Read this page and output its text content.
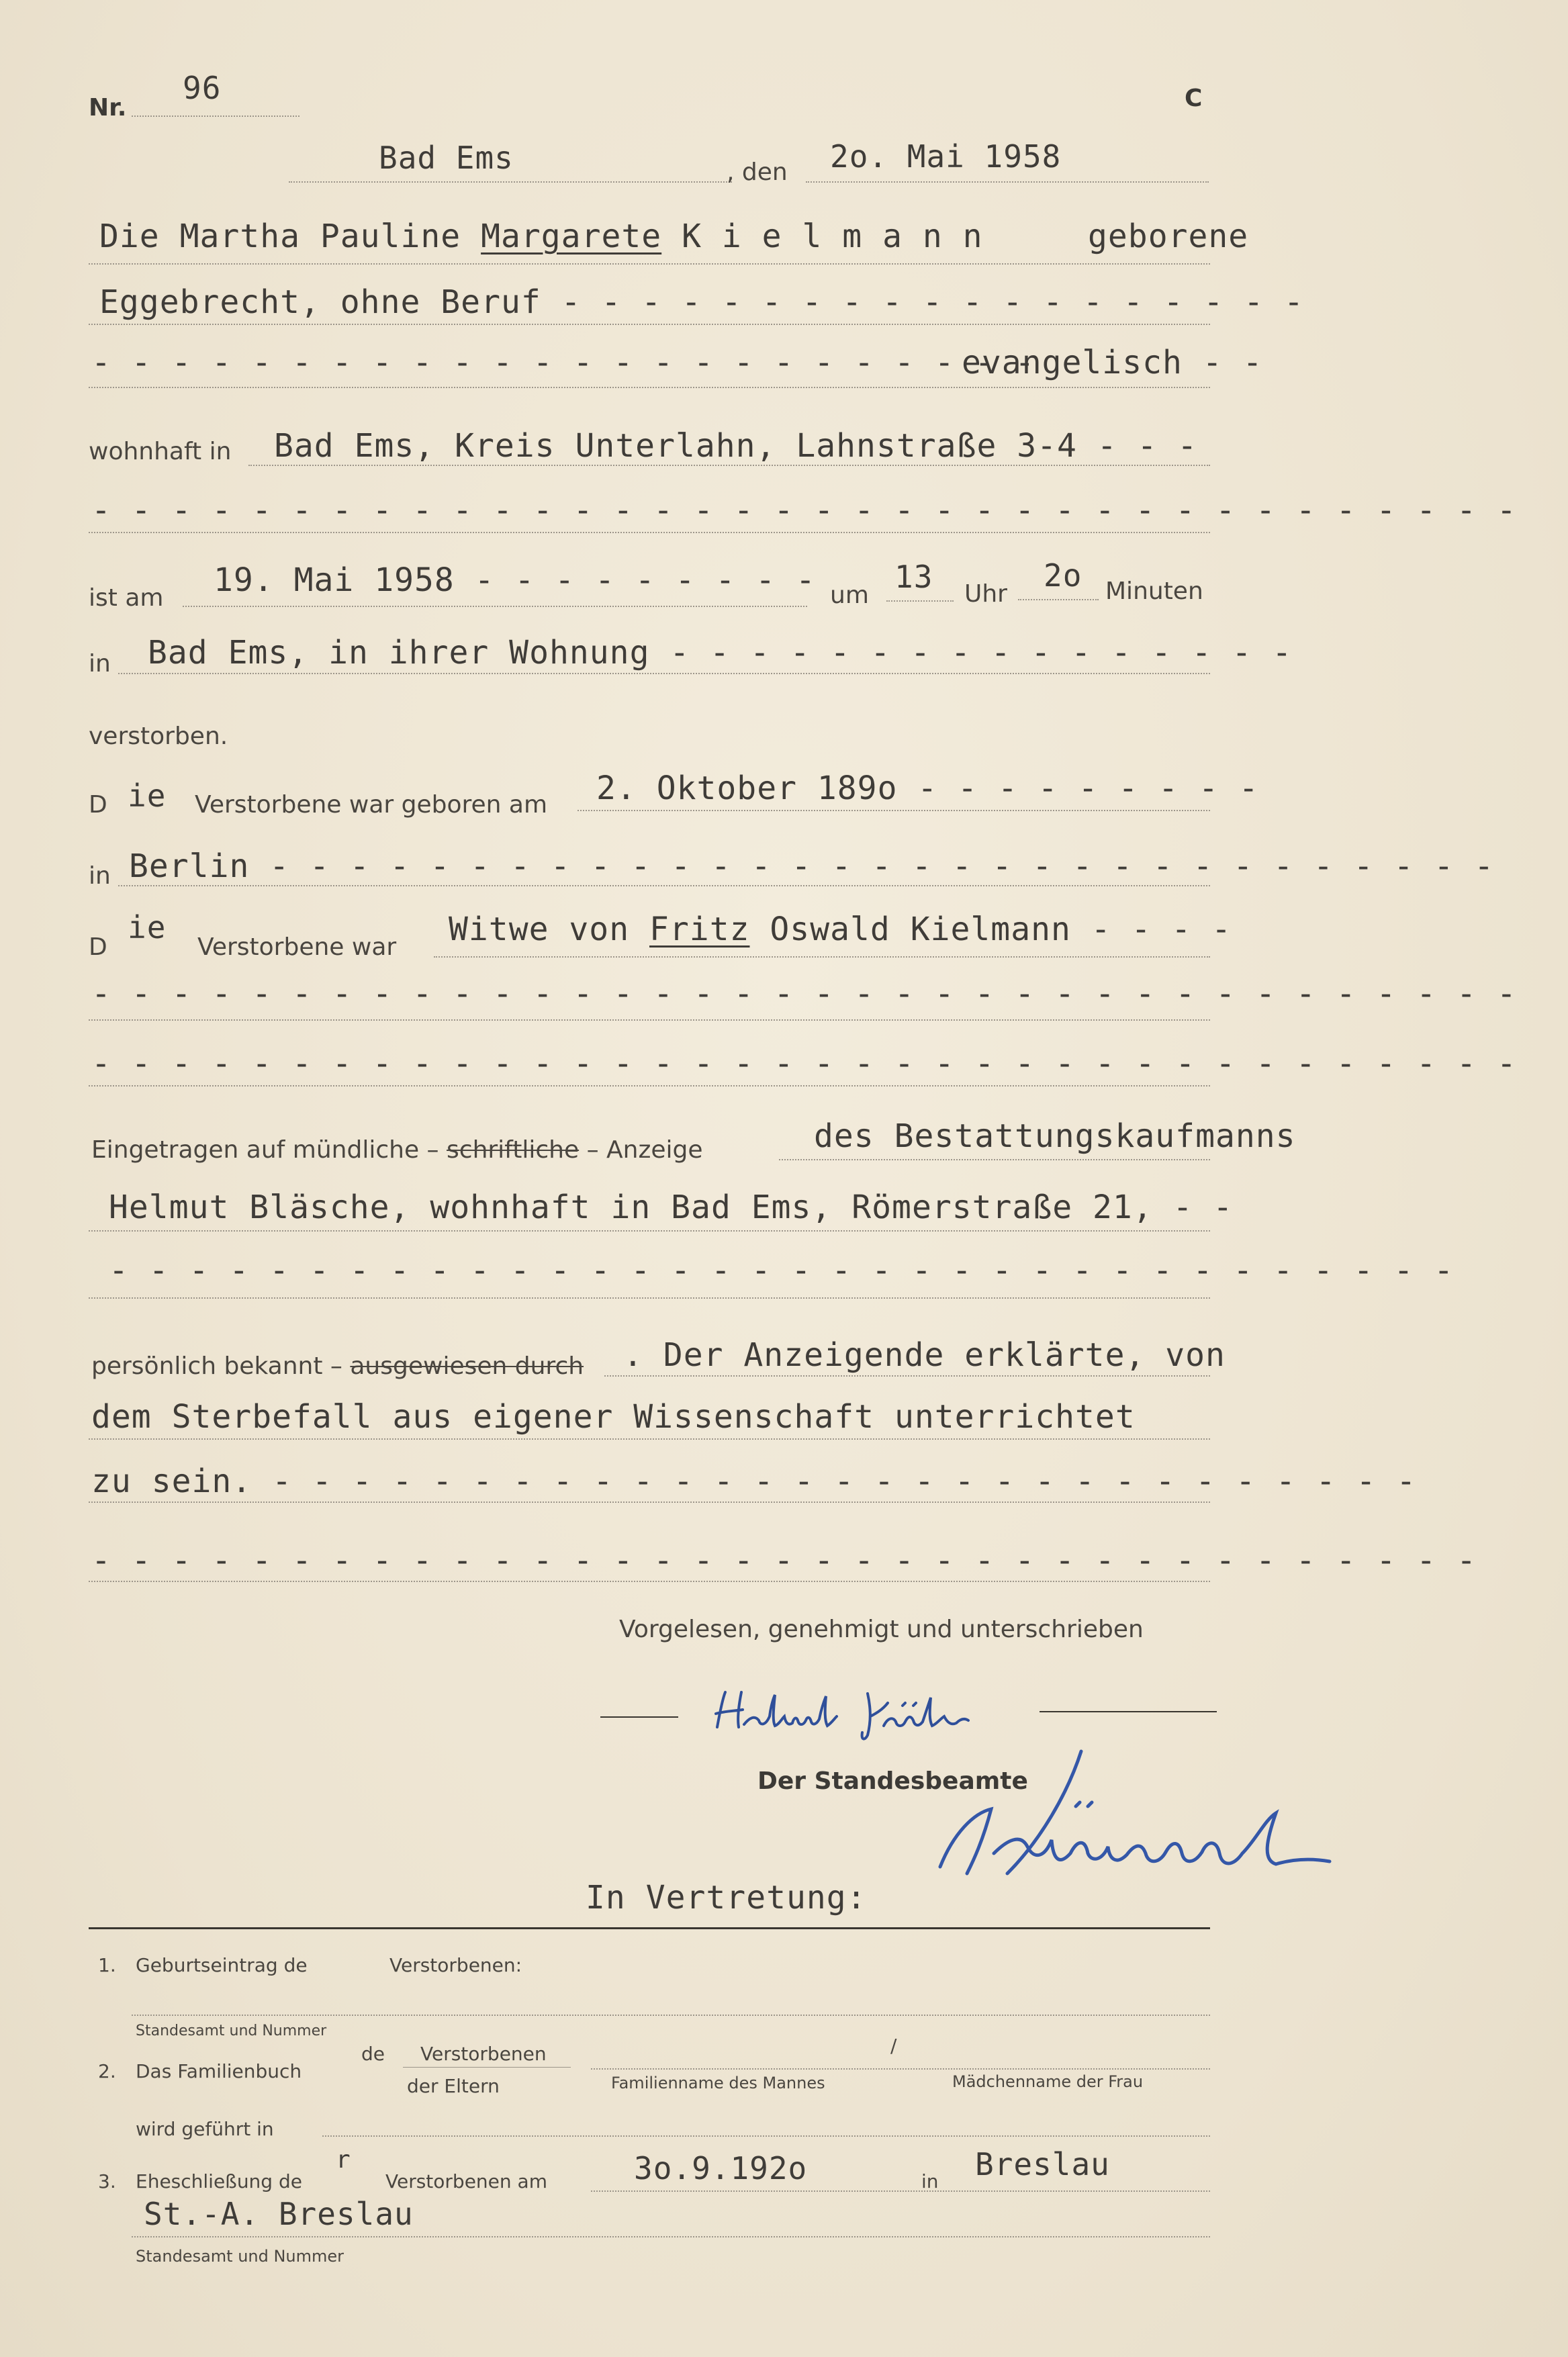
Nr.
96	C
Bad Ems	, den 2o. Mai 1958
Die Martha Pauline Margarete K i e l m a n n	geborene
Eggebrecht, ohne Beruf - - - - - - - - - - - - - - - - - - -
- - - - - - - - - - - - - - - - - - - - - - - -
evangelisch - -
wohnhaft in Bad Ems, Kreis Unterlahn, Lahnstraße 3-4 - - -
- - - - - - - - - - - - - - - - - - - - - - - - - - - - - - - - - - - -
ist am 19. Mai 1958 - - - - - - - - - um
13 Uhr
2o Minuten
in Bad Ems, in ihrer Wohnung - - - - - - - - - - - - - - - -
verstorben.
D ie Verstorbene war geboren am 2. Oktober 189o - - - - - - - - -
in Berlin - - - - - - - - - - - - - - - - - - - - - - - - - - - - - - -
D
ie
Verstorbene war Witwe von Fritz Oswald Kielmann - - - -
- - - - - - - - - - - - - - - - - - - - - - - - - - - - - - - - - - - -
- - - - - - - - - - - - - - - - - - - - - - - - - - - - - - - - - - - -
Eingetragen auf mündliche – schriftliche – Anzeige	des Bestattungskaufmanns
Helmut Bläsche, wohnhaft in Bad Ems, Römerstraße 21, - -
- - - - - - - - - - - - - - - - - - - - - - - - - - - - - - - - - -
persönlich bekannt – ausgewiesen durch . Der Anzeigende erklärte, von
dem Sterbefall aus eigener Wissenschaft unterrichtet
zu sein. - - - - - - - - - - - - - - - - - - - - - - - - - - - - -
- - - - - - - - - - - - - - - - - - - - - - - - - - - - - - - - - - -
Vorgelesen, genehmigt und unterschrieben
Der Standesbeamte
In Vertretung:
1. Geburtseintrag de	Verstorbenen:
Standesamt und Nummer
2. Das Familienbuch
de Verstorbenen
der Eltern
/
Familienname des Mannes	Mädchenname der Frau
wird geführt in
3. Eheschließung de
r
Verstorbenen am	3o.9.192o	in Breslau
St.-A. Breslau
Standesamt und Nummer
